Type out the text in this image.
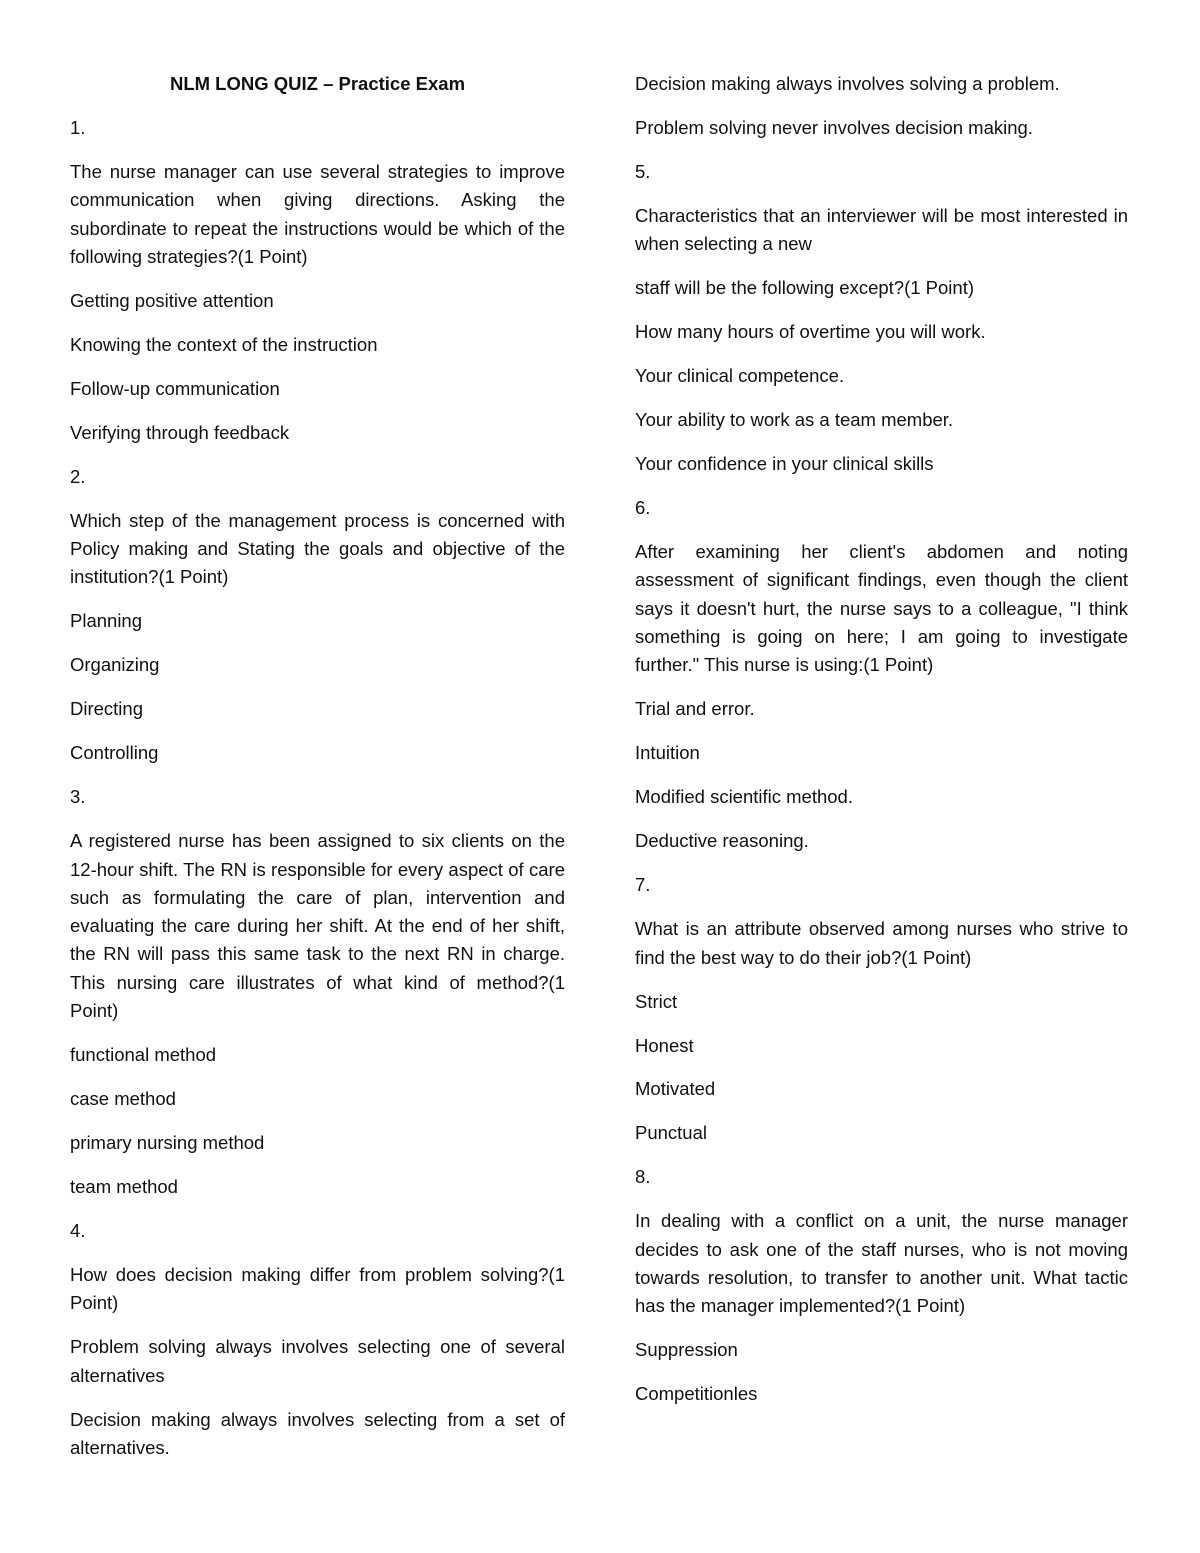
NLM LONG QUIZ – Practice Exam
1.
The nurse manager can use several strategies to improve communication when giving directions. Asking the subordinate to repeat the instructions would be which of the following strategies?(1 Point)
Getting positive attention
Knowing the context of the instruction
Follow-up communication
Verifying through feedback
2.
Which step of the management process is concerned with Policy making and Stating the goals and objective of the institution?(1 Point)
Planning
Organizing
Directing
Controlling
3.
A registered nurse has been assigned to six clients on the 12-hour shift. The RN is responsible for every aspect of care such as formulating the care of plan, intervention and evaluating the care during her shift. At the end of her shift, the RN will pass this same task to the next RN in charge. This nursing care illustrates of what kind of method?(1 Point)
functional method
case method
primary nursing method
team method
4.
How does decision making differ from problem solving?(1 Point)
Problem solving always involves selecting one of several alternatives
Decision making always involves selecting from a set of alternatives.
Decision making always involves solving a problem.
Problem solving never involves decision making.
5.
Characteristics that an interviewer will be most interested in when selecting a new
staff will be the following except?(1 Point)
How many hours of overtime you will work.
Your clinical competence.
Your ability to work as a team member.
Your confidence in your clinical skills
6.
After examining her client's abdomen and noting assessment of significant findings, even though the client says it doesn't hurt, the nurse says to a colleague, "I think something is going on here; I am going to investigate further." This nurse is using:(1 Point)
Trial and error.
Intuition
Modified scientific method.
Deductive reasoning.
7.
What is an attribute observed among nurses who strive to find the best way to do their job?(1 Point)
Strict
Honest
Motivated
Punctual
8.
In dealing with a conflict on a unit, the nurse manager decides to ask one of the staff nurses, who is not moving towards resolution, to transfer to another unit. What tactic has the manager implemented?(1 Point)
Suppression
Competitionles
